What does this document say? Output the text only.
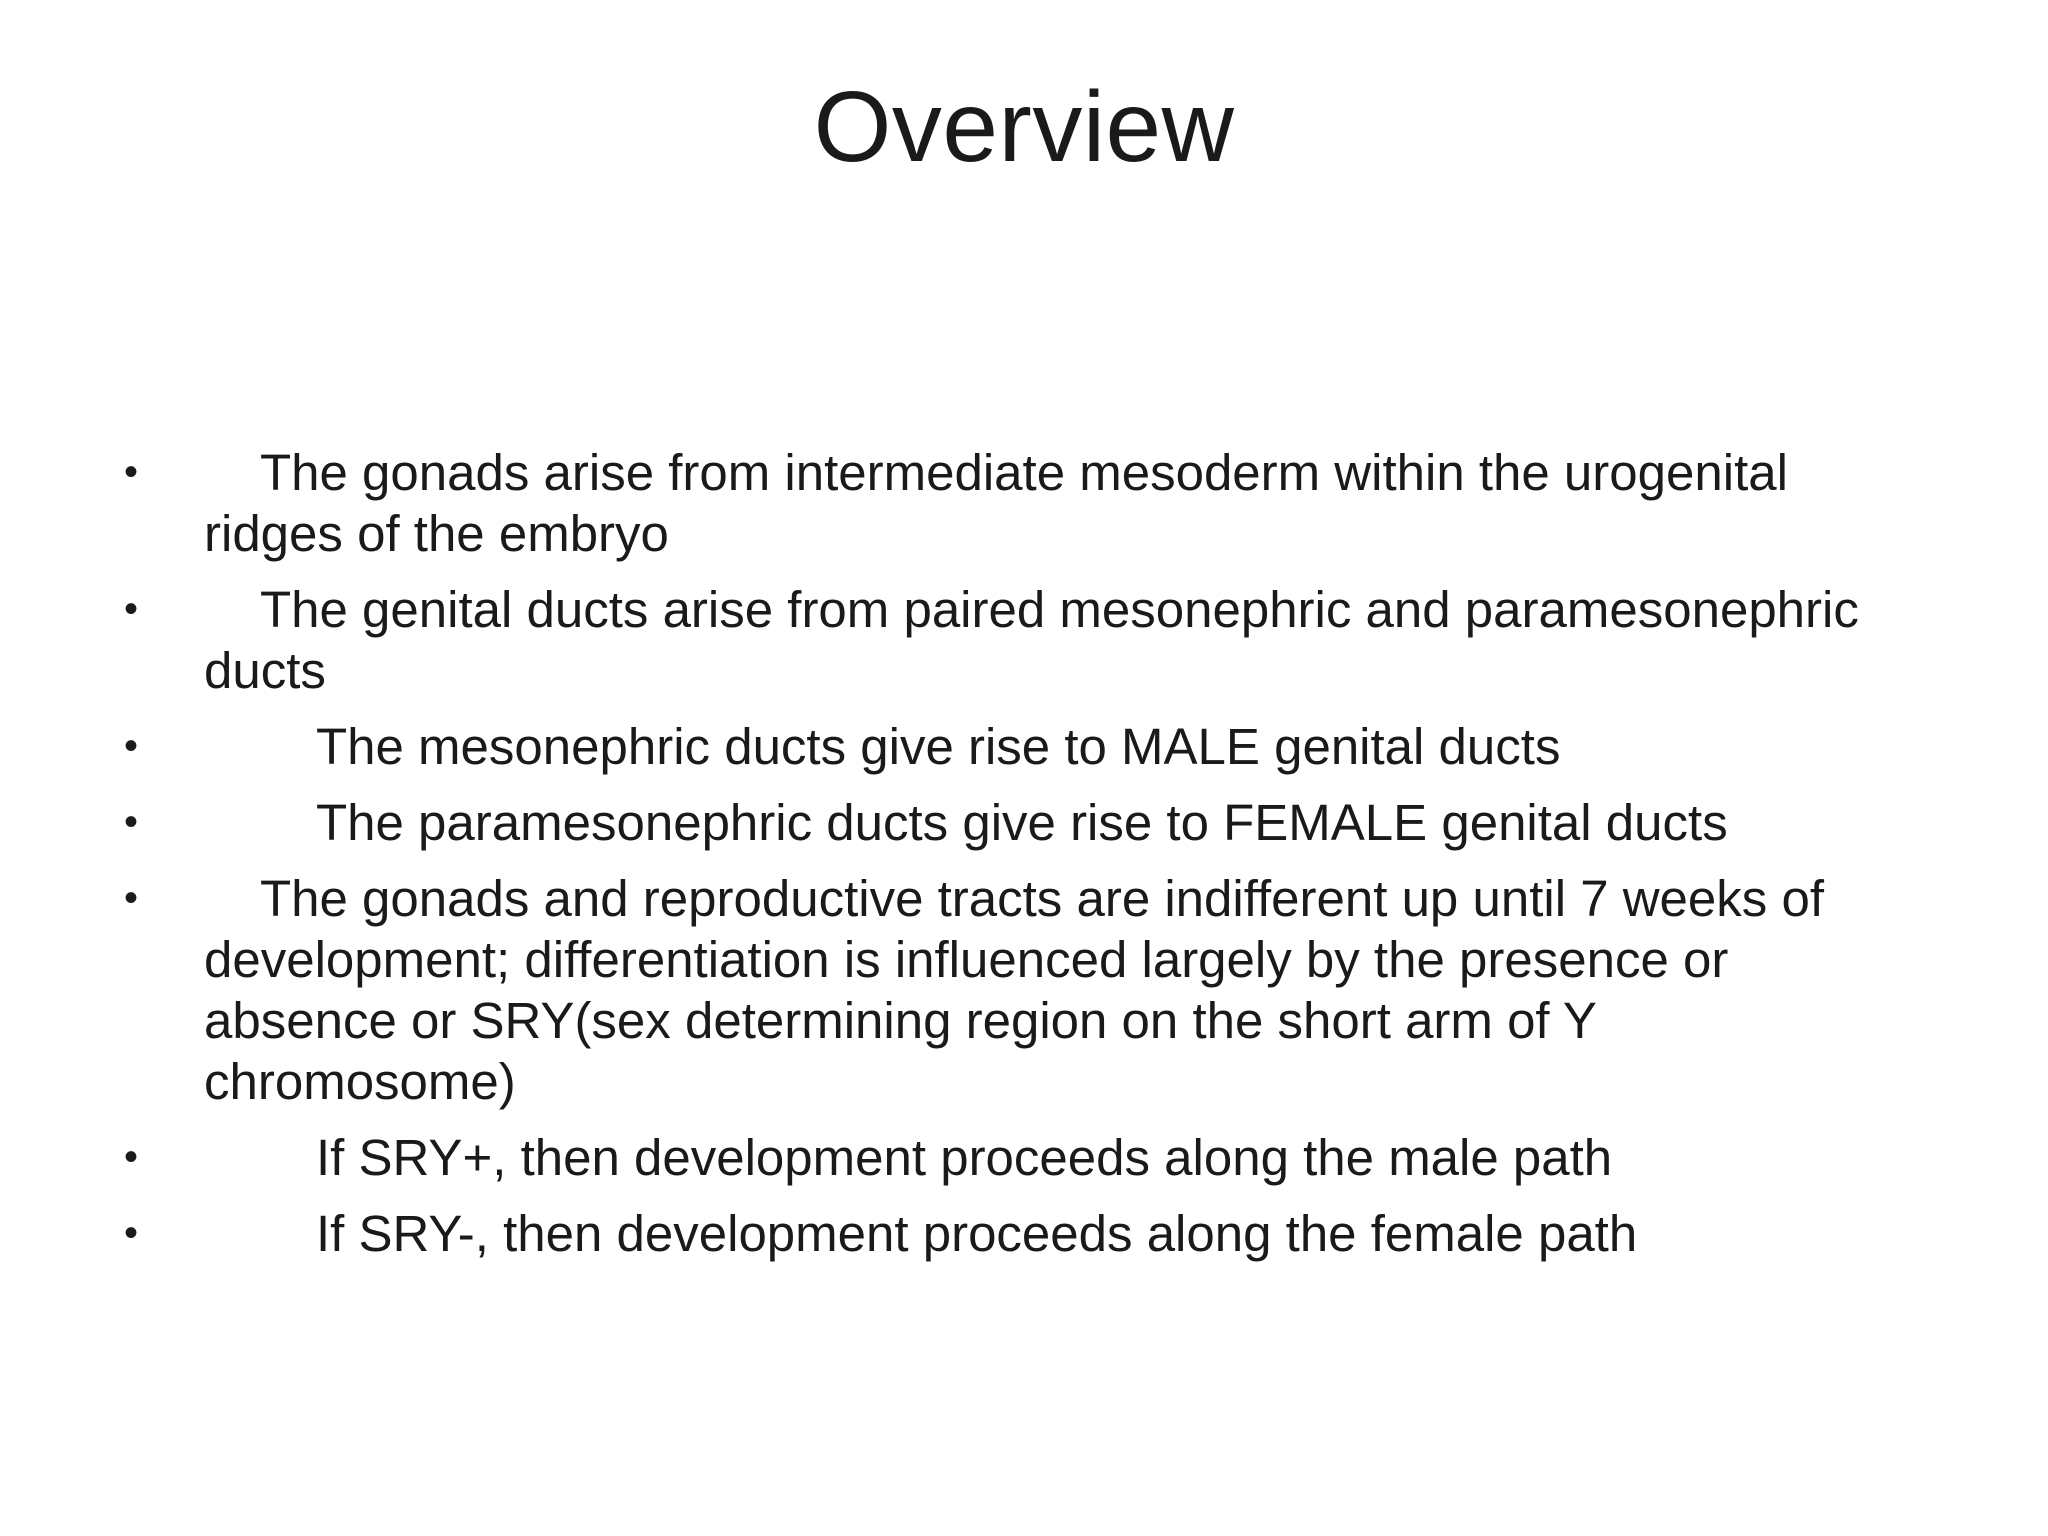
Overview
•	The gonads arise from intermediate mesoderm within the urogenital ridges of the embryo
•	The genital ducts arise from paired mesonephric and paramesonephric ducts
•	The mesonephric ducts give rise to MALE genital ducts
•	The paramesonephric ducts give rise to FEMALE genital ducts
•	The gonads and reproductive tracts are indifferent up until 7 weeks of development; differentiation is influenced largely by the presence or absence or SRY(sex determining region on the short arm of Y chromosome)
•	If SRY+, then development proceeds along the male path
•	If SRY-, then development proceeds along the female path
